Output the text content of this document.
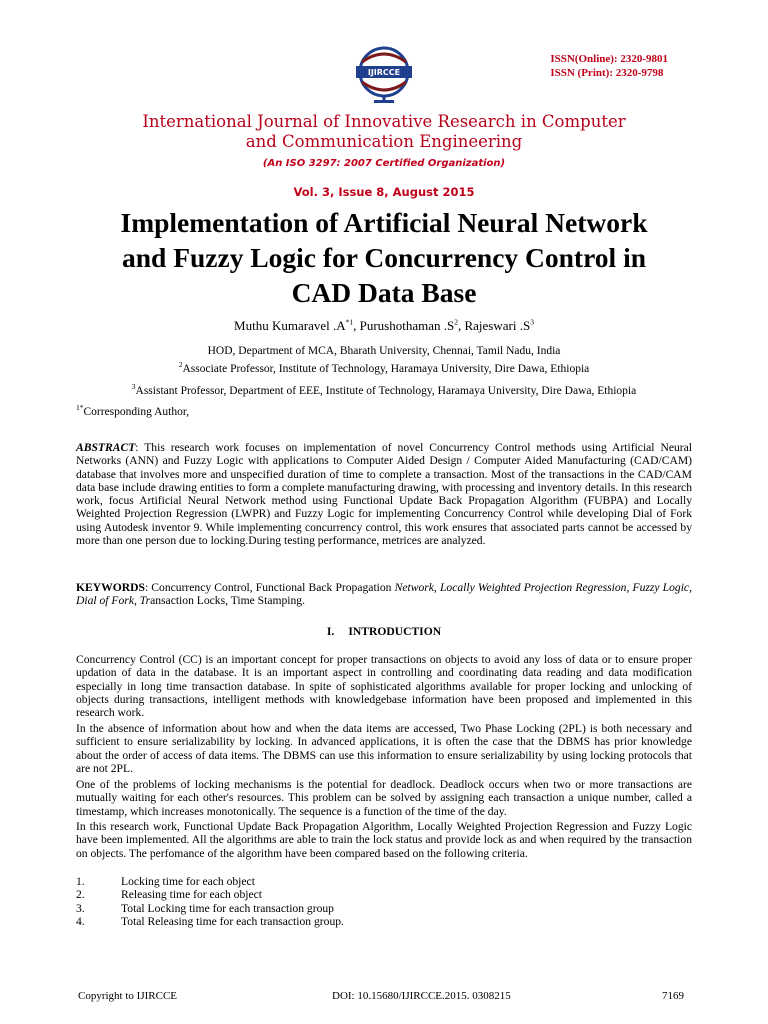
IJIRCCE
ISSN(Online): 2320-9801
ISSN (Print): 2320-9798
International Journal of Innovative Research in Computer
and Communication Engineering
(An ISO 3297: 2007 Certified Organization)
Vol. 3, Issue 8, August 2015
Implementation of Artificial Neural Network
and Fuzzy Logic for Concurrency Control in
CAD Data Base
Muthu Kumaravel $.A^{*1}$, Purushothaman $.S^2$, Rajeswari $.S^3$
HOD, Department of MCA, Bharath University, Chennai, Tamil Nadu, India
$^2$Associate Professor, Institute of Technology, Haramaya University, Dire Dawa, Ethiopia
$^3$Assistant Professor, Department of EEE, Institute of Technology, Haramaya University, Dire Dawa, Ethiopia
$^{1*}$Corresponding Author,
ABSTRACT: This research work focuses on implementation of novel Concurrency Control methods using Artificial Neural Networks (ANN) and Fuzzy Logic with applications to Computer Aided Design / Computer Aided Manufacturing (CAD/CAM) database that involves more and unspecified duration of time to complete a transaction. Most of the transactions in the CAD/CAM data base include drawing entities to form a complete manufacturing drawing, with processing and inventory details. In this research work, focus Artificial Neural Network method using Functional Update Back Propagation Algorithm (FUBPA) and Locally Weighted Projection Regression (LWPR) and Fuzzy Logic for implementing Concurrency Control while developing Dial of Fork using Autodesk inventor 9. While implementing concurrency control, this work ensures that associated parts cannot be accessed by more than one person due to locking.During testing performance, metrices are analyzed.
KEYWORDS: Concurrency Control, Functional Back Propagation Network, Locally Weighted Projection Regression, Fuzzy Logic, Dial of Fork, Transaction Locks, Time Stamping.
I. INTRODUCTION
Concurrency Control (CC) is an important concept for proper transactions on objects to avoid any loss of data or to ensure proper updation of data in the database. It is an important aspect in controlling and coordinating data reading and data modification especially in long time transaction database. In spite of sophisticated algorithms available for proper locking and unlocking of objects during transactions, intelligent methods with knowledgebase information have been proposed and implemented in this research work.
In the absence of information about how and when the data items are accessed, Two Phase Locking (2PL) is both necessary and sufficient to ensure serializability by locking. In advanced applications, it is often the case that the DBMS has prior knowledge about the order of access of data items. The DBMS can use this information to ensure serializability by using locking protocols that are not 2PL.
One of the problems of locking mechanisms is the potential for deadlock. Deadlock occurs when two or more transactions are mutually waiting for each other's resources. This problem can be solved by assigning each transaction a unique number, called a timestamp, which increases monotonically. The sequence is a function of the time of the day.
In this research work, Functional Update Back Propagation Algorithm, Locally Weighted Projection Regression and Fuzzy Logic have been implemented. All the algorithms are able to train the lock status and provide lock as and when required by the transaction on objects. The perfomance of the algorithm have been compared based on the following criteria.
1.	Locking time for each object
2.	Releasing time for each object
3.	Total Locking time for each transaction group
4.	Total Releasing time for each transaction group.
Copyright to IJIRCCE	DOI: 10.15680/IJIRCCE.2015. 0308215	7169
